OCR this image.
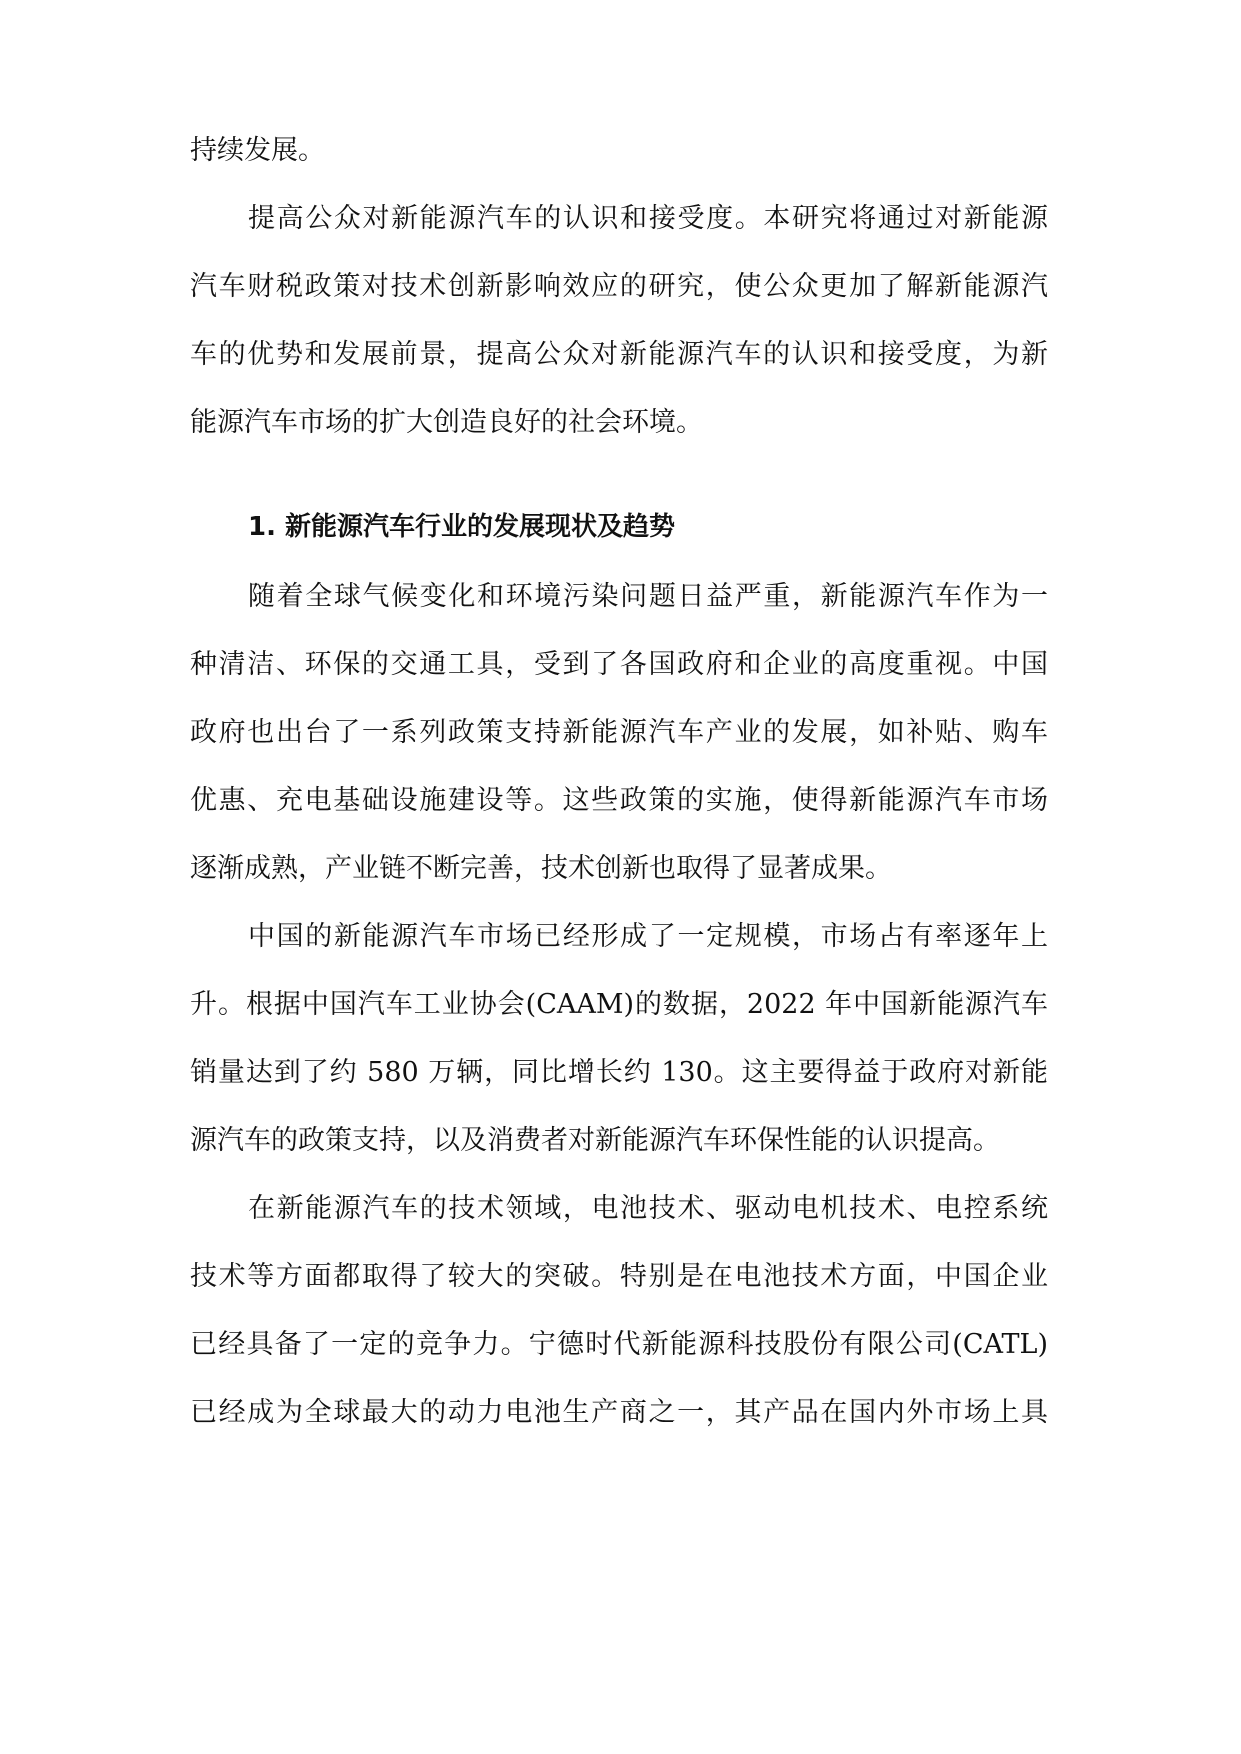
持续发展。
提高公众对新能源汽车的认识和接受度。本研究将通过对新能源
汽车财税政策对技术创新影响效应的研究，使公众更加了解新能源汽
车的优势和发展前景，提高公众对新能源汽车的认识和接受度，为新
能源汽车市场的扩大创造良好的社会环境。
1. 新能源汽车行业的发展现状及趋势
随着全球气候变化和环境污染问题日益严重，新能源汽车作为一
种清洁、环保的交通工具，受到了各国政府和企业的高度重视。中国
政府也出台了一系列政策支持新能源汽车产业的发展，如补贴、购车
优惠、充电基础设施建设等。这些政策的实施，使得新能源汽车市场
逐渐成熟，产业链不断完善，技术创新也取得了显著成果。
中国的新能源汽车市场已经形成了一定规模，市场占有率逐年上
升。根据中国汽车工业协会(CAAM)的数据，2022 年中国新能源汽车
销量达到了约 580 万辆，同比增长约 130。这主要得益于政府对新能
源汽车的政策支持，以及消费者对新能源汽车环保性能的认识提高。
在新能源汽车的技术领域，电池技术、驱动电机技术、电控系统
技术等方面都取得了较大的突破。特别是在电池技术方面，中国企业
已经具备了一定的竞争力。宁德时代新能源科技股份有限公司(CATL)
已经成为全球最大的动力电池生产商之一，其产品在国内外市场上具
